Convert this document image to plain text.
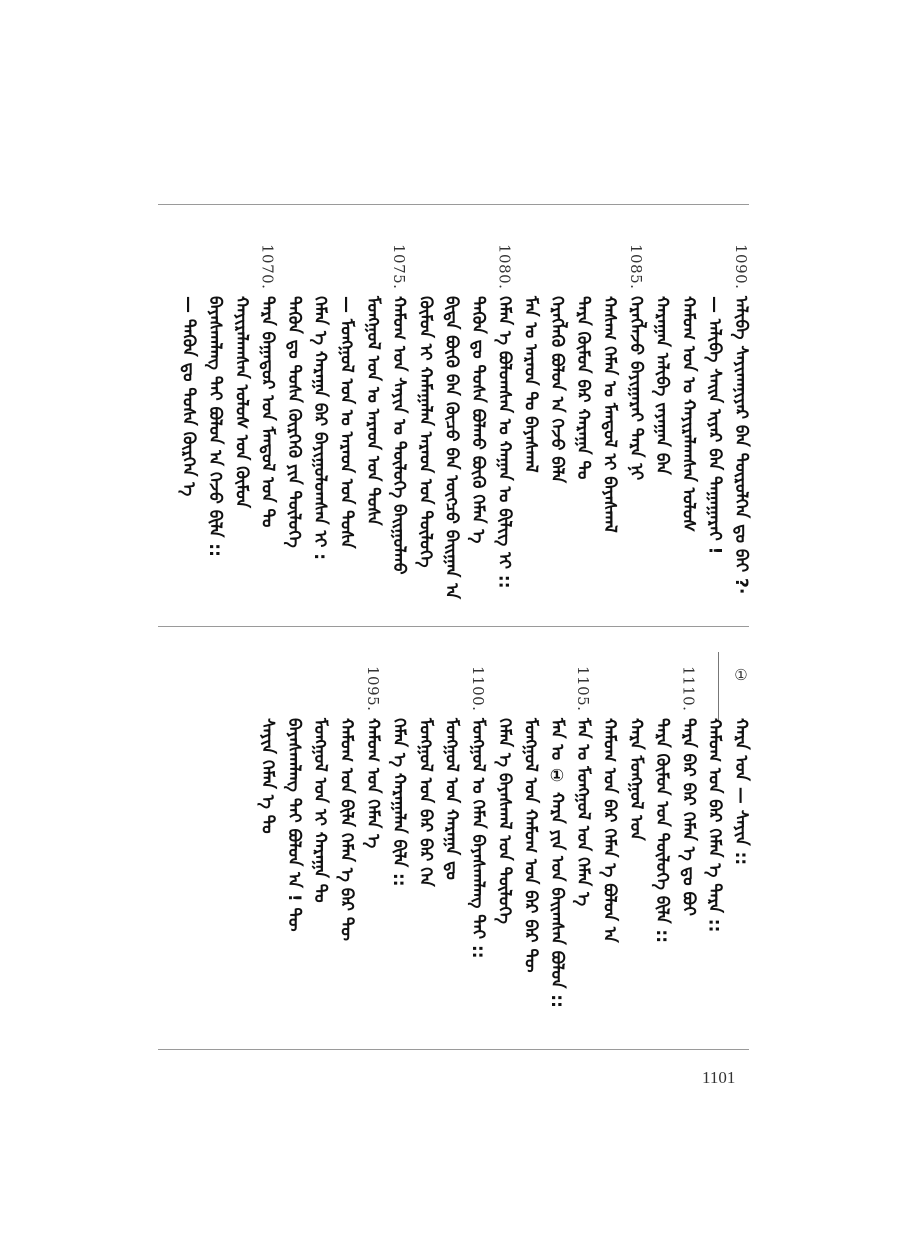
1090.
ᠠᠯᠢᠪᠠ ᠰᠠᠶᠢᠬᠠᠨᠢᠶᠠᠷ ᠪᠡᠨ ᠲᠦᠷᠦᠯᠬᠡᠨ ᠳᠤ ᠪᠠᠢ ?·
— ᠠᠯᠢᠪᠠ ᠰᠠᠢᠨ ᠢᠶᠠᠷ ᠪᠠᠨ ᠳᠠᠭᠠᠭᠠᠷᠠᠢ !
ᠬᠠᠮᠤᠭ ᠤᠨ ᠤ ᠬᠠᠶᠢᠷᠠᠯᠠᠭᠰᠠᠨ ᠤᠯᠤᠰ
ᠬᠠᠷᠠᠭᠠᠨ ᠠᠯᠢᠪᠠ ᠵᠠᠶᠠᠭᠠᠨ ᠪᠠᠨ
1085.
ᠬᠡᠷᠡᠭᠯᠡᠵᠦ ᠪᠠᠶᠢᠭᠠᠷᠠᠢ ᠲᠡᠷᠡ ᠨᠢ
ᠬᠠᠰᠠᠭ ᠬᠡᠮᠡᠨ ᠤ ᠮᠠᠨᠳᠤᠯ ᠢ ᠪᠠᠶᠠᠰᠬᠠᠯ
ᠲᠡᠷᠡ ᠬᠦᠮᠦᠨ ᠪᠠᠷ ᠬᠠᠷᠠᠭᠠ ᠲᠤ
ᠬᠡᠷᠡᠭᠯᠡᠬᠦ ᠪᠤᠯᠤᠨ ᠠ ᠭᠡᠵᠦ ᠪᠡᠯᠡ
ᠮᠠᠨ ᠤ ᠠᠷᠠᠳ ᠲᠤ ᠪᠠᠶᠠᠰᠬᠠᠯ
1080.
ᠬᠡᠮᠡᠨ ᠡ ᠪᠣᠯᠤᠭᠰᠠᠨ ᠤ ᠬᠠᠭᠠᠨ ᠤ ᠪᠢᠯᠢᠭ ᠢ ::
ᠲᠡᠭᠦᠨ ᠳᠤ ᠲᠤᠰᠠ ᠪᠣᠯᠬᠤ ᠪᠦᠬᠦ ᠬᠡᠮᠡᠨ ᠡ
ᠪᠢᠳᠡ ᠪᠦᠬᠦ ᠪᠠᠨ ᠬᠦᠴᠦ ᠪᠡᠨ ᠥᠭᠴᠦ ᠪᠠᠢᠭᠠᠨ ᠠ
ᠬᠦᠮᠦᠨ ᠢ ᠬᠠᠮᠠᠭᠠᠯᠠᠨ ᠠᠷᠠᠳ ᠤᠨ ᠲᠥᠯᠦᠭᠡ
1075.
ᠬᠠᠮᠤᠭ ᠤᠨ ᠰᠠᠶᠢᠨ ᠤ ᠲᠥᠯᠦᠭᠡ ᠪᠠᠢᠭᠤᠯᠬᠤ
ᠮᠣᠩᠭᠣᠯ ᠤᠨ ᠤ ᠠᠷᠠᠳ ᠤᠨ ᠲᠤᠰᠠ
— ᠮᠣᠩᠭᠣᠯ ᠤᠨ ᠤ ᠠᠷᠠᠳ ᠤᠨ ᠲᠤᠰᠠ
ᠬᠡᠮᠡᠨ ᠡ ᠬᠠᠷᠠᠭᠠ ᠪᠠᠷ ᠪᠠᠶᠢᠭᠤᠯᠤᠭᠰᠠᠨ ᠢ :
ᠲᠡᠭᠦᠨ ᠳᠤ ᠲᠤᠰᠠ ᠬᠦᠷᠭᠡᠬᠦ ᠶᠢᠨ ᠲᠥᠯᠦᠭᠡ
1070.
ᠲᠡᠷᠡ ᠪᠠᠭᠠᠲᠤᠷ ᠤᠨ ᠮᠠᠨᠳᠤᠯ ᠤᠨ ᠲᠤ
ᠬᠠᠶᠢᠷᠠᠯᠠᠭᠰᠠᠨ ᠤᠯᠤᠰ ᠤᠨ ᠬᠦᠮᠦᠨ
ᠪᠠᠶᠠᠰᠬᠠᠯᠠᠩ ᠲᠠᠢ ᠪᠣᠯᠤᠨ ᠠ ᠭᠡᠵᠦ ᠪᠢᠯᠡ ::
— ᠲᠡᠭᠦᠨ ᠳᠤ ᠲᠤᠰᠠ ᠬᠦᠷᠭᠡᠨ ᠡ
①
ᠬᠠᠷᠠ ᠤᠨ — ᠰᠠᠶᠢᠨ ::
ᠬᠠᠮᠤᠭ ᠤᠨ ᠪᠡᠷ ᠬᠡᠮᠡᠨ ᠡ ᠲᠡᠷᠡ ::
1110.
ᠲᠡᠷᠡ ᠪᠡᠷ ᠪᠠᠷ ᠬᠡᠮᠡᠨ ᠡ ᠳᠤ ᠪᠤᠢ
ᠲᠡᠷᠡ ᠬᠦᠮᠦᠨ ᠤᠨ ᠲᠥᠯᠦᠭᠡ ᠪᠢᠯᠡ ::
ᠬᠠᠷᠠ ᠮᠣᠩᠭᠣᠯ ᠤᠨ
ᠬᠠᠮᠤᠭ ᠤᠨ ᠪᠠᠷ ᠬᠡᠮᠡᠨ ᠡ ᠪᠣᠯᠤᠨ ᠠ
1105.
ᠮᠠᠨ ᠤ ᠮᠣᠩᠭᠣᠯ ᠤᠨ ᠬᠡᠮᠡᠨ ᠡ
ᠮᠠᠨ ᠤ ① ᠬᠠᠷᠠ ᠶᠢᠨ ᠤᠨ ᠪᠠᠢᠭᠰᠠᠨ ᠪᠣᠯᠤᠨ ::
ᠮᠣᠩᠭᠣᠯ ᠤᠨ ᠬᠠᠮᠤᠭ ᠤᠨ ᠪᠠᠷ ᠪᠡᠷ ᠲᠦ
ᠬᠡᠮᠡᠨ ᠡ ᠪᠠᠶᠠᠰᠬᠠᠯ ᠤᠨ ᠲᠥᠯᠦᠭᠡ
1100.
ᠮᠣᠩᠭᠣᠯ ᠤ ᠬᠡᠮᠡᠨ ᠪᠠᠶᠠᠰᠬᠠᠯᠠᠩ ᠲᠠᠢ ::
ᠮᠣᠩᠭᠣᠯ ᠤᠨ ᠬᠠᠷᠠᠭᠠ ᠳᠤ
ᠮᠣᠩᠭᠣᠯ ᠤᠨ ᠪᠠᠷ ᠪᠡᠷ ᠭᠡᠨ
ᠬᠡᠮᠡᠨ ᠡ ᠬᠠᠷᠠᠭᠠᠯᠠᠨ ᠪᠢᠯᠡ ::
1095.
ᠬᠠᠮᠤᠭ ᠤᠨ ᠬᠡᠮᠡᠨ ᠡ
ᠬᠠᠮᠤᠭ ᠤᠨ ᠪᠢᠯᠡ ᠬᠡᠮᠡᠨ ᠡ ᠪᠡᠷ ᠲᠦ
ᠮᠣᠩᠭᠣᠯ ᠤᠨ ᠢ ᠬᠠᠷᠠᠭᠠ ᠲᠤ
ᠪᠠᠶᠠᠰᠬᠠᠯᠠᠩ ᠲᠠᠢ ᠪᠣᠯᠤᠨ ᠠ ! ᠲᠦ
ᠰᠠᠶᠢᠨ ᠬᠡᠮᠡᠨ ᠡ ᠲᠤ
1101
